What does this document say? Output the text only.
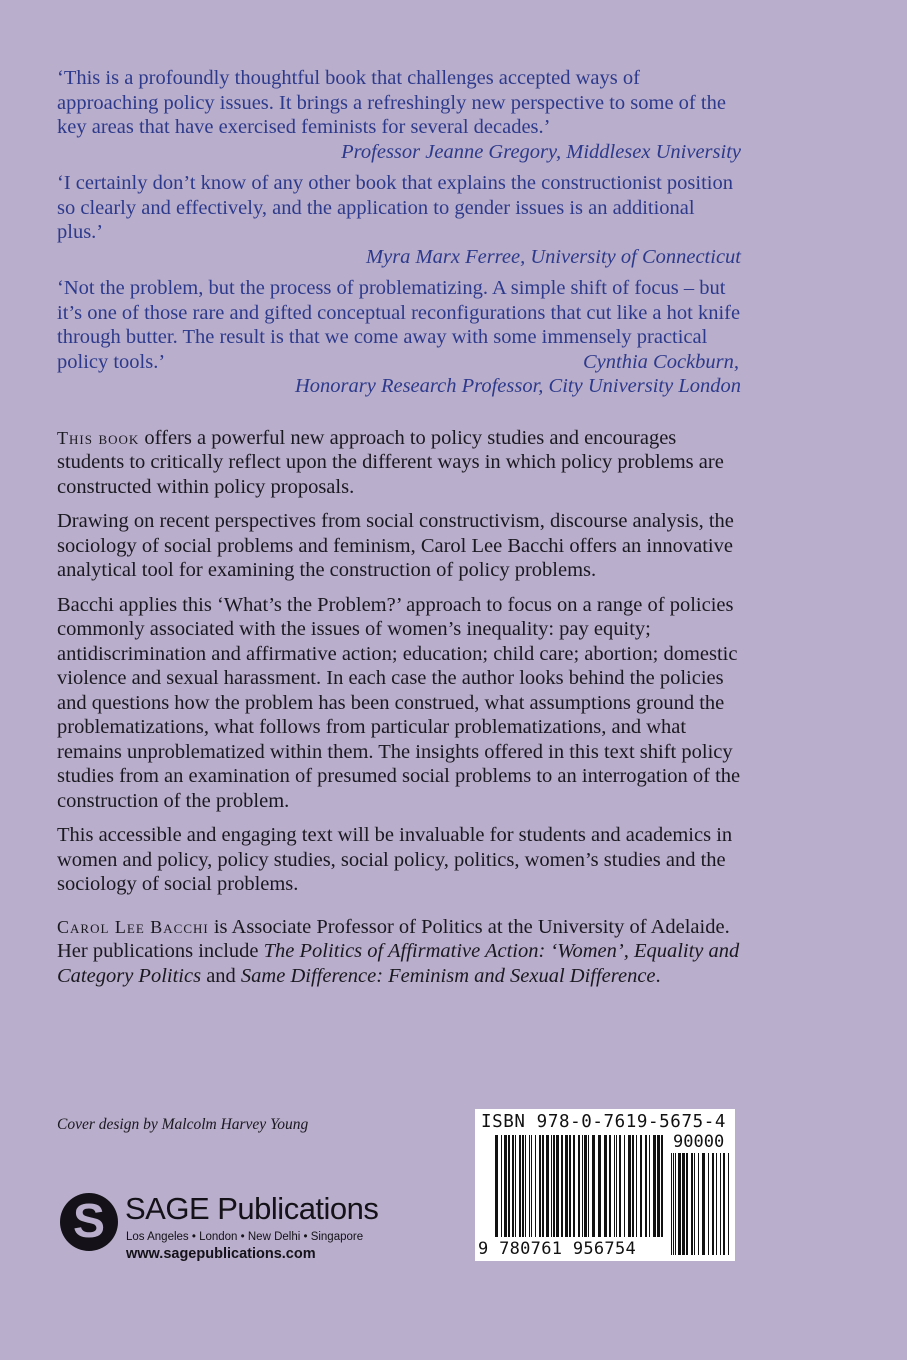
‘This is a profoundly thoughtful book that challenges accepted ways of approaching policy issues. It brings a refreshingly new perspective to some of the key areas that have exercised feminists for several decades.’
Professor Jeanne Gregory, Middlesex University
‘I certainly don’t know of any other book that explains the constructionist position so clearly and effectively, and the application to gender issues is an additional plus.’
Myra Marx Ferree, University of Connecticut
‘Not the problem, but the process of problematizing. A simple shift of focus – but it’s one of those rare and gifted conceptual reconfigurations that cut like a hot knife through butter. The result is that we come away with some immensely practical policy tools.’	Cynthia Cockburn,
Honorary Research Professor, City University London

This book offers a powerful new approach to policy studies and encourages students to critically reflect upon the different ways in which policy problems are constructed within policy proposals.

Drawing on recent perspectives from social constructivism, discourse analysis, the sociology of social problems and feminism, Carol Lee Bacchi offers an innovative analytical tool for examining the construction of policy problems.

Bacchi applies this ‘What’s the Problem?’ approach to focus on a range of policies commonly associated with the issues of women’s inequality: pay equity; antidiscrimination and affirmative action; education; child care; abortion; domestic violence and sexual harassment. In each case the author looks behind the policies and questions how the problem has been construed, what assumptions ground the problematizations, what follows from particular problematizations, and what remains unproblematized within them. The insights offered in this text shift policy studies from an examination of presumed social problems to an interrogation of the construction of the problem.

This accessible and engaging text will be invaluable for students and academics in women and policy, policy studies, social policy, politics, women’s studies and the sociology of social problems.

Carol Lee Bacchi is Associate Professor of Politics at the University of Adelaide. Her publications include The Politics of Affirmative Action: ‘Women’, Equality and Category Politics and Same Difference: Feminism and Sexual Difference.

Cover design by Malcolm Harvey Young
S SAGE Publications
Los Angeles • London • New Delhi • Singapore
www.sagepublications.com
ISBN 978-0-7619-5675-4
90000
9 780761 956754
